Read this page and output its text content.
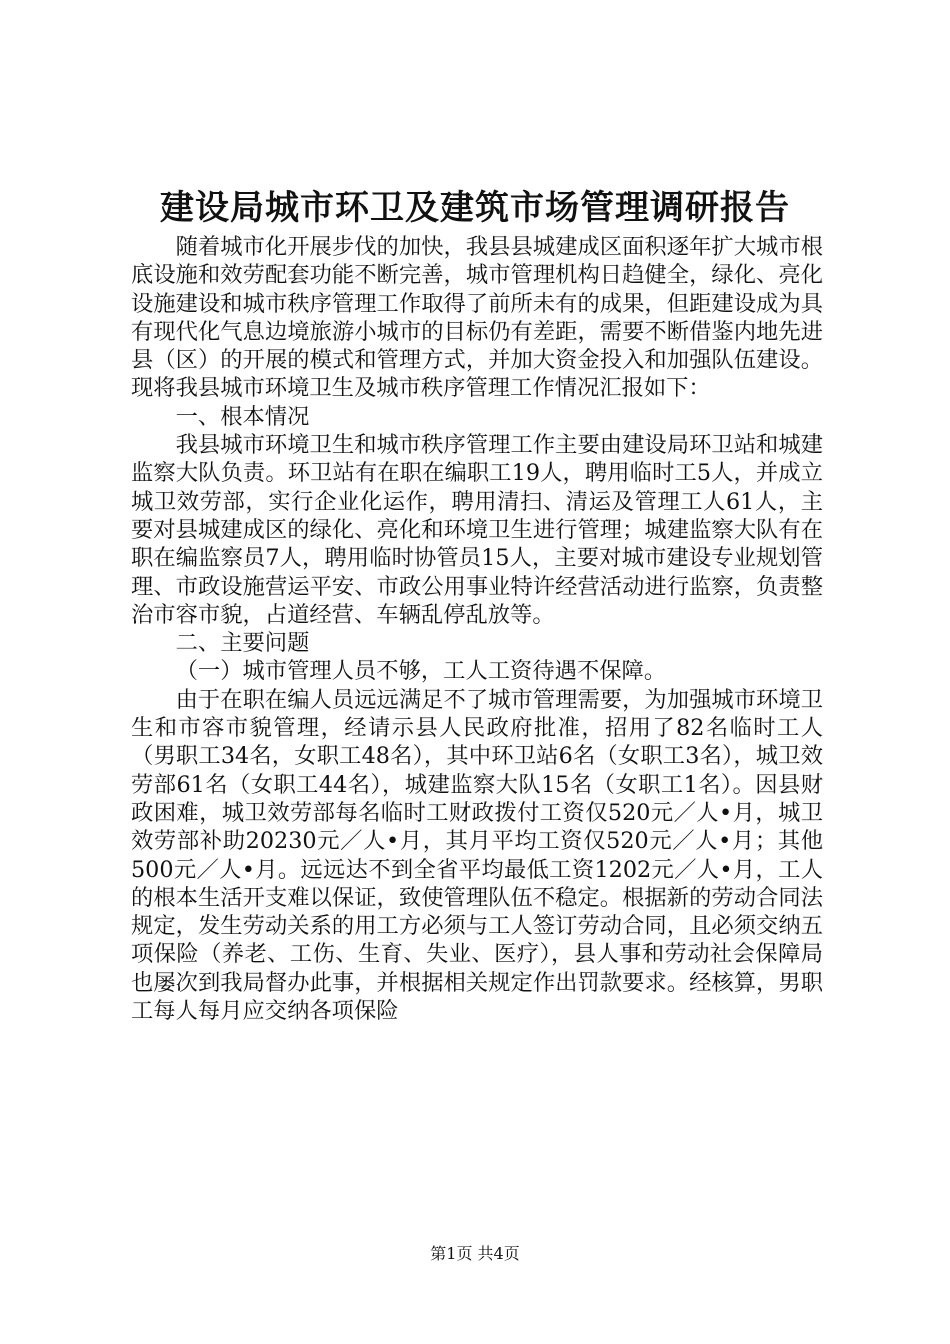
建设局城市环卫及建筑市场管理调研报告

随着城市化开展步伐的加快，我县县城建成区面积逐年扩大城市根底设施和效劳配套功能不断完善，城市管理机构日趋健全，绿化、亮化设施建设和城市秩序管理工作取得了前所未有的成果，但距建设成为具有现代化气息边境旅游小城市的目标仍有差距，需要不断借鉴内地先进县（区）的开展的模式和管理方式，并加大资金投入和加强队伍建设。现将我县城市环境卫生及城市秩序管理工作情况汇报如下：

一、根本情况

我县城市环境卫生和城市秩序管理工作主要由建设局环卫站和城建监察大队负责。环卫站有在职在编职工19人，聘用临时工5人，并成立城卫效劳部，实行企业化运作，聘用清扫、清运及管理工人61人，主要对县城建成区的绿化、亮化和环境卫生进行管理；城建监察大队有在职在编监察员7人，聘用临时协管员15人，主要对城市建设专业规划管理、市政设施营运平安、市政公用事业特许经营活动进行监察，负责整治市容市貌，占道经营、车辆乱停乱放等。

二、主要问题

（一）城市管理人员不够，工人工资待遇不保障。

由于在职在编人员远远满足不了城市管理需要，为加强城市环境卫生和市容市貌管理，经请示县人民政府批准，招用了82名临时工人（男职工34名，女职工48名），其中环卫站6名（女职工3名），城卫效劳部61名（女职工44名），城建监察大队15名（女职工1名）。因县财政困难，城卫效劳部每名临时工财政拨付工资仅520元／人•月，城卫效劳部补助20230元／人•月，其月平均工资仅520元／人•月；其他500元／人•月。远远达不到全省平均最低工资1202元／人•月，工人的根本生活开支难以保证，致使管理队伍不稳定。根据新的劳动合同法规定，发生劳动关系的用工方必须与工人签订劳动合同，且必须交纳五项保险（养老、工伤、生育、失业、医疗），县人事和劳动社会保障局也屡次到我局督办此事，并根据相关规定作出罚款要求。经核算，男职工每人每月应交纳各项保险

第1页 共4页
